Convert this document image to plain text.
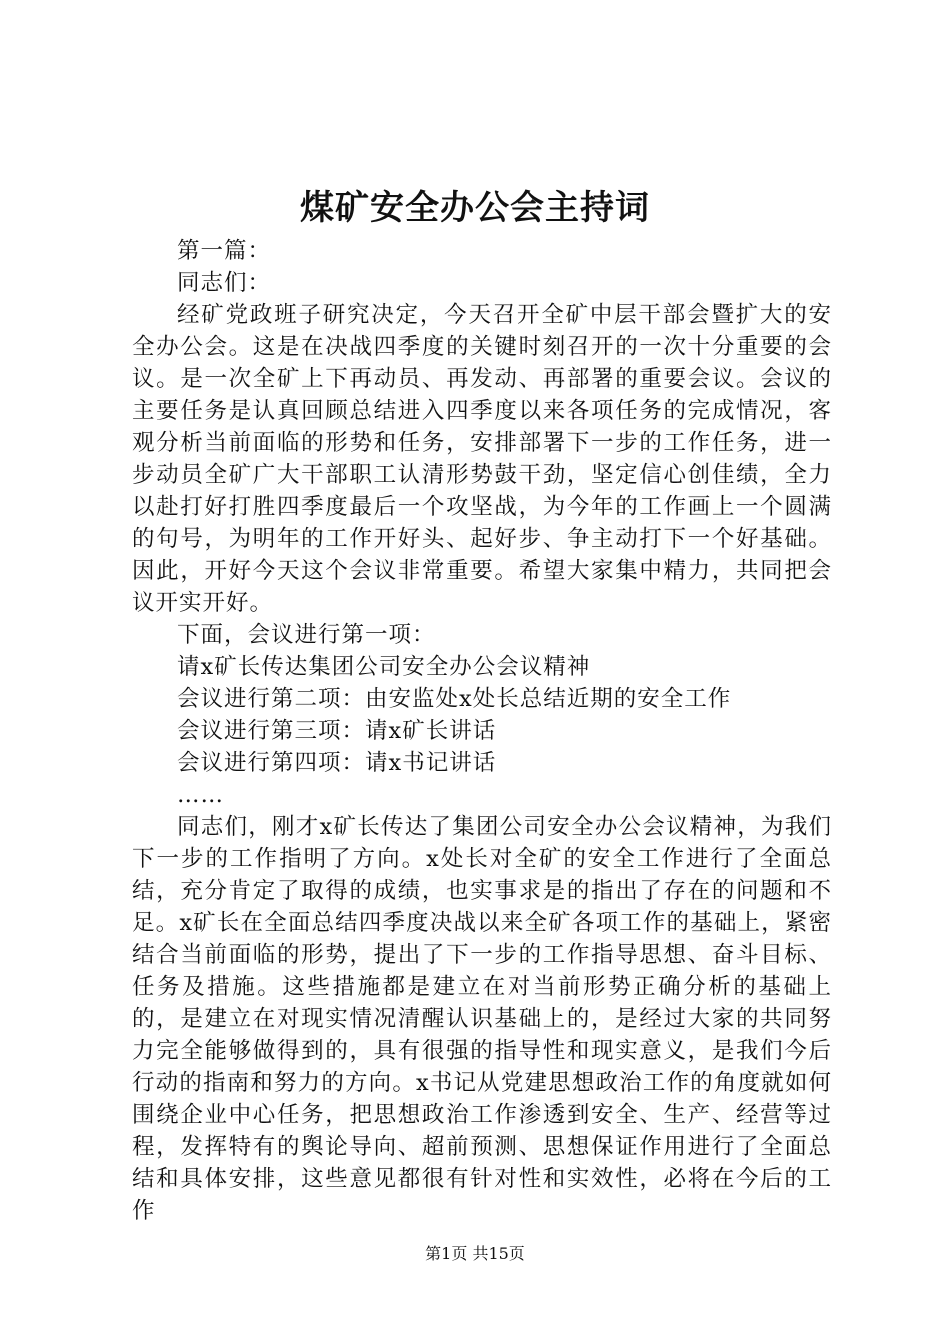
煤矿安全办公会主持词

第一篇：

同志们：

经矿党政班子研究决定，今天召开全矿中层干部会暨扩大的安全办公会。这是在决战四季度的关键时刻召开的一次十分重要的会议。是一次全矿上下再动员、再发动、再部署的重要会议。会议的主要任务是认真回顾总结进入四季度以来各项任务的完成情况，客观分析当前面临的形势和任务，安排部署下一步的工作任务，进一步动员全矿广大干部职工认清形势鼓干劲，坚定信心创佳绩，全力以赴打好打胜四季度最后一个攻坚战，为今年的工作画上一个圆满的句号，为明年的工作开好头、起好步、争主动打下一个好基础。因此，开好今天这个会议非常重要。希望大家集中精力，共同把会议开实开好。

下面，会议进行第一项：

请x矿长传达集团公司安全办公会议精神

会议进行第二项：由安监处x处长总结近期的安全工作

会议进行第三项：请x矿长讲话

会议进行第四项：请x书记讲话

……

同志们，刚才x矿长传达了集团公司安全办公会议精神，为我们下一步的工作指明了方向。x处长对全矿的安全工作进行了全面总结，充分肯定了取得的成绩，也实事求是的指出了存在的问题和不足。x矿长在全面总结四季度决战以来全矿各项工作的基础上，紧密结合当前面临的形势，提出了下一步的工作指导思想、奋斗目标、任务及措施。这些措施都是建立在对当前形势正确分析的基础上的，是建立在对现实情况清醒认识基础上的，是经过大家的共同努力完全能够做得到的，具有很强的指导性和现实意义，是我们今后行动的指南和努力的方向。x书记从党建思想政治工作的角度就如何围绕企业中心任务，把思想政治工作渗透到安全、生产、经营等过程，发挥特有的舆论导向、超前预测、思想保证作用进行了全面总结和具体安排，这些意见都很有针对性和实效性，必将在今后的工作

第1页 共15页
